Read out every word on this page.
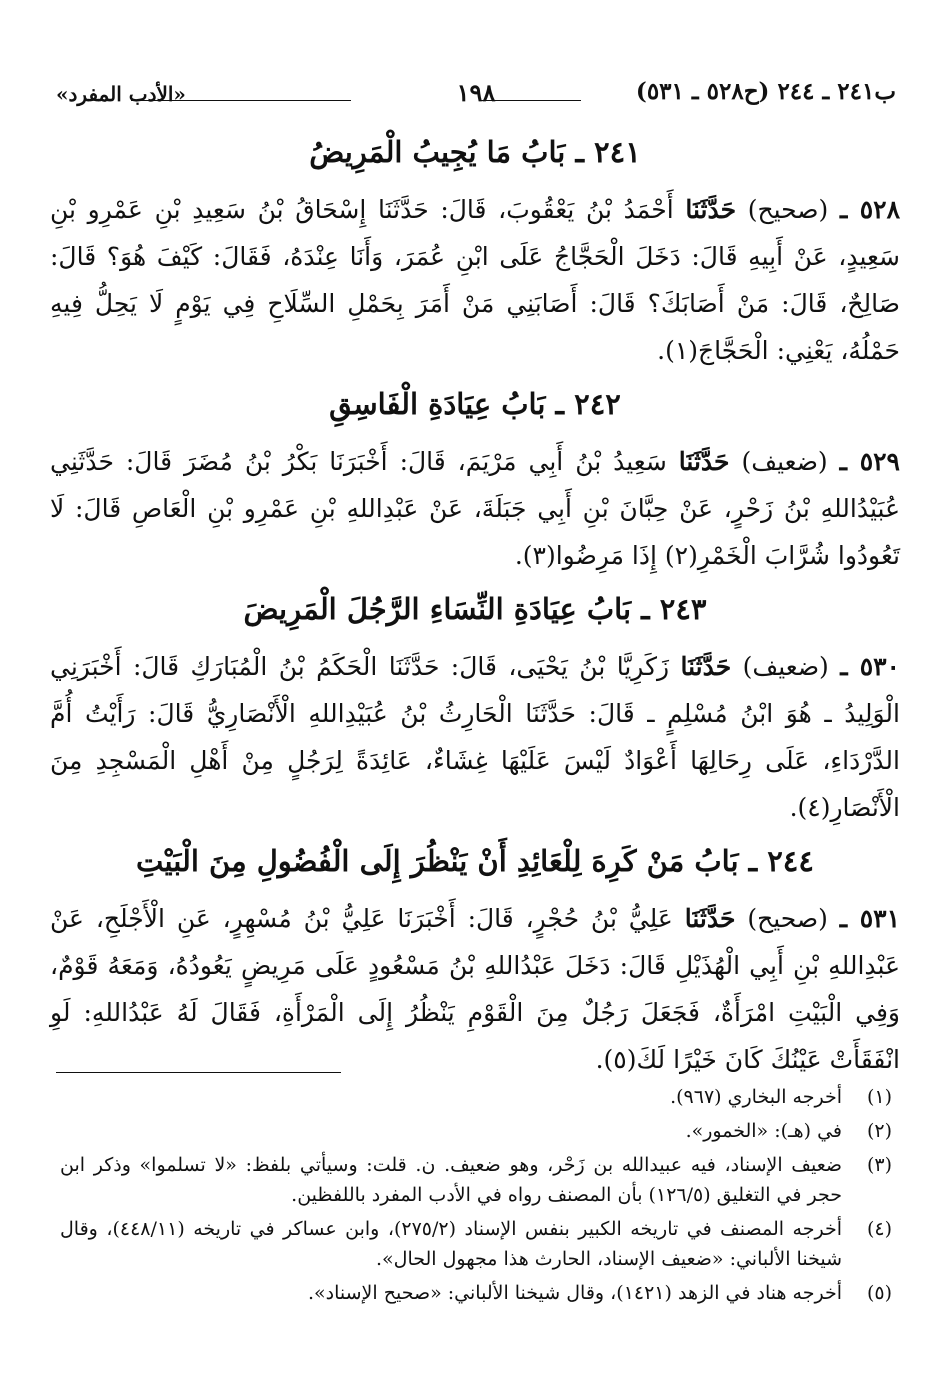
ب٢٤١ ـ ٢٤٤ (ح٥٢٨ ـ ٥٣١)
١٩٨
«الأدب المفرد»
٢٤١ ـ بَابُ مَا يُجِيبُ الْمَرِيضُ

٥٢٨ ـ (صحيح) حَدَّثَنَا أَحْمَدُ بْنُ يَعْقُوبَ، قَالَ: حَدَّثَنَا إِسْحَاقُ بْنُ سَعِيدِ بْنِ عَمْرِو بْنِ سَعِيدٍ، عَنْ أَبِيهِ قَالَ: دَخَلَ الْحَجَّاجُ عَلَى ابْنِ عُمَرَ، وَأَنَا عِنْدَهُ، فَقَالَ: كَيْفَ هُوَ؟ قَالَ: صَالِحٌ، قَالَ: مَنْ أَصَابَكَ؟ قَالَ: أَصَابَنِي مَنْ أَمَرَ بِحَمْلِ السِّلَاحِ فِي يَوْمٍ لَا يَحِلُّ فِيهِ حَمْلُهُ، يَعْنِي: الْحَجَّاجَ(١).

٢٤٢ ـ بَابُ عِيَادَةِ الْفَاسِقِ

٥٢٩ ـ (ضعيف) حَدَّثَنَا سَعِيدُ بْنُ أَبِي مَرْيَمَ، قَالَ: أَخْبَرَنَا بَكْرُ بْنُ مُضَرَ قَالَ: حَدَّثَنِي عُبَيْدُاللهِ بْنُ زَحْرٍ، عَنْ حِبَّانَ بْنِ أَبِي جَبَلَةَ، عَنْ عَبْدِاللهِ بْنِ عَمْرِو بْنِ الْعَاصِ قَالَ: لَا تَعُودُوا شُرَّابَ الْخَمْرِ(٢) إِذَا مَرِضُوا(٣).

٢٤٣ ـ بَابُ عِيَادَةِ النِّسَاءِ الرَّجُلَ الْمَرِيضَ

٥٣٠ ـ (ضعيف) حَدَّثَنَا زَكَرِيَّا بْنُ يَحْيَى، قَالَ: حَدَّثَنَا الْحَكَمُ بْنُ الْمُبَارَكِ قَالَ: أَخْبَرَنِي الْوَلِيدُ ـ هُوَ ابْنُ مُسْلِمٍ ـ قَالَ: حَدَّثَنَا الْحَارِثُ بْنُ عُبَيْدِاللهِ الْأَنْصَارِيُّ قَالَ: رَأَيْتُ أُمَّ الدَّرْدَاءِ، عَلَى رِحَالِهَا أَعْوَادٌ لَيْسَ عَلَيْهَا غِشَاءٌ، عَائِدَةً لِرَجُلٍ مِنْ أَهْلِ الْمَسْجِدِ مِنَ الْأَنْصَارِ(٤).

٢٤٤ ـ بَابُ مَنْ كَرِهَ لِلْعَائِدِ أَنْ يَنْظُرَ إِلَى الْفُضُولِ مِنَ الْبَيْتِ

٥٣١ ـ (صحيح) حَدَّثَنَا عَلِيُّ بْنُ حُجْرٍ، قَالَ: أَخْبَرَنَا عَلِيُّ بْنُ مُسْهِرٍ، عَنِ الْأَجْلَحِ، عَنْ عَبْدِاللهِ بْنِ أَبِي الْهُذَيْلِ قَالَ: دَخَلَ عَبْدُاللهِ بْنُ مَسْعُودٍ عَلَى مَرِيضٍ يَعُودُهُ، وَمَعَهُ قَوْمٌ، وَفِي الْبَيْتِ امْرَأَةٌ، فَجَعَلَ رَجُلٌ مِنَ الْقَوْمِ يَنْظُرُ إِلَى الْمَرْأَةِ، فَقَالَ لَهُ عَبْدُاللهِ: لَوِ انْفَقَأَتْ عَيْنُكَ كَانَ خَيْرًا لَكَ(٥).

(١)
أخرجه البخاري (٩٦٧).
(٢)
في (هـ): «الخمور».
(٣)
ضعيف الإسناد، فيه عبيدالله بن زَحْر، وهو ضعيف. ن. قلت: وسيأتي بلفظ: «لا تسلموا» وذكر ابن حجر في التغليق (١٢٦/٥) بأن المصنف رواه في الأدب المفرد باللفظين.
(٤)
أخرجه المصنف في تاريخه الكبير بنفس الإسناد (٢٧٥/٢)، وابن عساكر في تاريخه (٤٤٨/١١)، وقال شيخنا الألباني: «ضعيف الإسناد، الحارث هذا مجهول الحال».
(٥)
أخرجه هناد في الزهد (١٤٢١)، وقال شيخنا الألباني: «صحيح الإسناد».
